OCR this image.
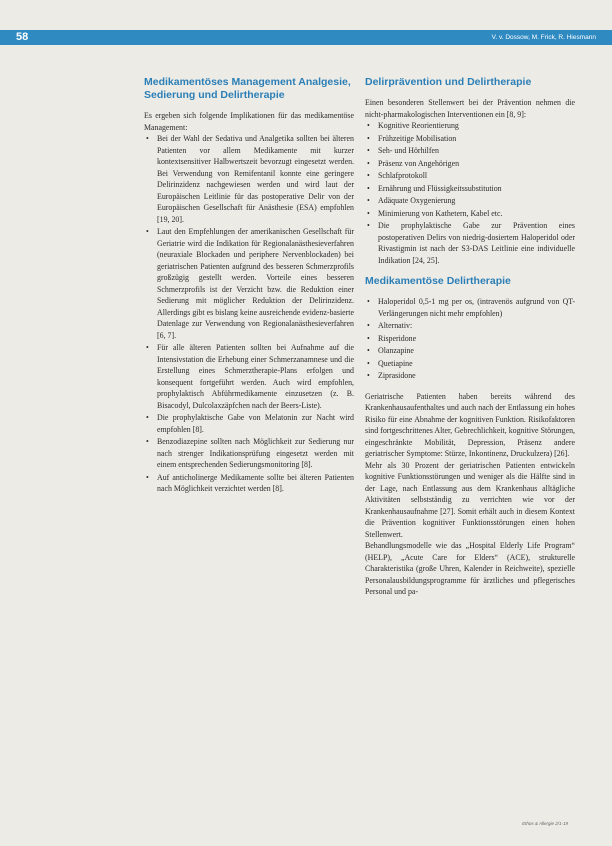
58	V. v. Dossow, M. Frick, R. Hiesmann
Medikamentöses Management Analgesie, Sedierung und Delirtherapie

Es ergeben sich folgende Implikationen für das medikamentöse Management:

• Bei der Wahl der Sedativa und Analgetika sollten bei älteren Patienten vor allem Medikamente mit kurzer kontextsensitiver Halbwertszeit bevorzugt eingesetzt werden. Bei Verwendung von Remifentanil konnte eine geringere Delirinzidenz nachgewiesen werden und wird laut der Europäischen Leitlinie für das postoperative Delir von der Europäischen Gesellschaft für Anästhesie (ESA) empfohlen [19, 20].
• Laut den Empfehlungen der amerikanischen Gesellschaft für Geriatrie wird die Indikation für Regionalanästhesieverfahren (neuraxiale Blockaden und periphere Nervenblockaden) bei geriatrischen Patienten aufgrund des besseren Schmerzprofils großzügig gestellt werden. Vorteile eines besseren Schmerzprofils ist der Verzicht bzw. die Reduktion einer Sedierung mit möglicher Reduktion der Delirinzidenz. Allerdings gibt es bislang keine ausreichende evidenz-basierte Datenlage zur Verwendung von Regionalanästhesieverfahren [6, 7].
• Für alle älteren Patienten sollten bei Aufnahme auf die Intensivstation die Erhebung einer Schmerzanamnese und die Erstellung eines Schmerztherapie-Plans erfolgen und konsequent fortgeführt werden. Auch wird empfohlen, prophylaktisch Abführmedikamente einzusetzen (z. B. Bisacodyl, Dulcolaxzäpfchen nach der Beers-Liste).
• Die prophylaktische Gabe von Melatonin zur Nacht wird empfohlen [8].
• Benzodiazepine sollten nach Möglichkeit zur Sedierung nur nach strenger Indikationsprüfung eingesetzt werden mit einem entsprechenden Sedierungsmonitoring [8].
• Auf anticholinerge Medikamente sollte bei älteren Patienten nach Möglichkeit verzichtet werden [8].
Delirprävention und Delirtherapie

Einen besonderen Stellenwert bei der Prävention nehmen die nicht-pharmakologischen Interventionen ein [8, 9]:

• Kognitive Reorientierung
• Frühzeitige Mobilisation
• Seh- und Hörhilfen
• Präsenz von Angehörigen
• Schlafprotokoll
• Ernährung und Flüssigkeitssubstitution
• Adäquate Oxygenierung
• Minimierung von Kathetern, Kabel etc.
• Die prophylaktische Gabe zur Prävention eines postoperativen Delirs von niedrig-dosiertem Haloperidol oder Rivastigmin ist nach der S3-DAS Leitlinie eine individuelle Indikation [24, 25].
Medikamentöse Delirtherapie
• Haloperidol 0,5-1 mg per os, (intravenös aufgrund von QT-Verlängerungen nicht mehr empfohlen)
• Alternativ:
• Risperidone
• Olanzapine
• Quetiapine
• Ziprasidone

Geriatrische Patienten haben bereits während des Krankenhausaufenthaltes und auch nach der Entlassung ein hohes Risiko für eine Abnahme der kognitiven Funktion. Risikofaktoren sind fortgeschrittenes Alter, Gebrechlichkeit, kognitive Störungen, eingeschränkte Mobilität, Depression, Präsenz andere geriatrischer Symptome: Stürze, Inkontinenz, Druckulzera) [26].

Mehr als 30 Prozent der geriatrischen Patienten entwickeln kognitive Funktionsstörungen und weniger als die Hälfte sind in der Lage, nach Entlassung aus dem Krankenhaus alltägliche Aktivitäten selbstständig zu verrichten wie vor der Krankenhausaufnahme [27]. Somit erhält auch in diesem Kontext die Prävention kognitiver Funktionsstörungen einen hohen Stellenwert.

Behandlungsmodelle wie das „Hospital Elderly Life Program“ (HELP), „Acute Care for Elders“ (ACE), strukturelle Charakteristika (große Uhren, Kalender in Reichweite), spezielle Personalausbildungsprogramme für ärztliches und pflegerisches Personal und pa-

Ethos & Allergie 2/1-19
